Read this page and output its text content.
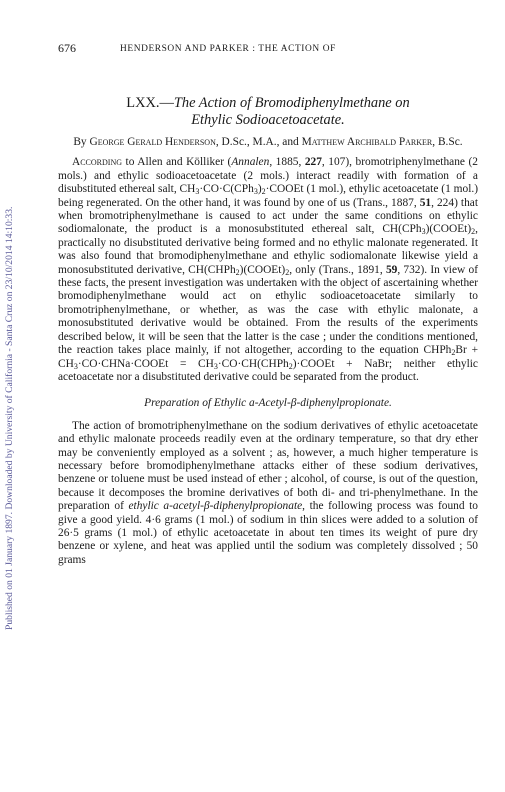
Published on 01 January 1897. Downloaded by University of California - Santa Cruz on 23/10/2014 14:10:33.
676	HENDERSON AND PARKER : THE ACTION OF
LXX.—The Action of Bromodiphenylmethane on
Ethylic Sodioacetoacetate.
By George Gerald Henderson, D.Sc., M.A., and Matthew Archibald Parker, B.Sc.

According to Allen and Kölliker (Annalen, 1885, 227, 107), bromotriphenylmethane (2 mols.) and ethylic sodioacetoacetate (2 mols.) interact readily with formation of a disubstituted ethereal salt, $CH_3\cdot CO\cdot C(CPh_3)_2\cdot COOEt$ (1 mol.), ethylic acetoacetate (1 mol.) being regenerated. On the other hand, it was found by one of us (Trans., 1887, 51, 224) that when bromotriphenylmethane is caused to act under the same conditions on ethylic sodiomalonate, the product is a monosubstituted ethereal salt, $CH(CPh_3)(COOEt)_2$, practically no disubstituted derivative being formed and no ethylic malonate regenerated. It was also found that bromodiphenylmethane and ethylic sodiomalonate likewise yield a monosubstituted derivative, $CH(CHPh_2)(COOEt)_2$, only (Trans., 1891, 59, 732). In view of these facts, the present investigation was undertaken with the object of ascertaining whether bromodiphenylmethane would act on ethylic sodioacetoacetate similarly to bromotriphenylmethane, or whether, as was the case with ethylic malonate, a monosubstituted derivative would be obtained. From the results of the experiments described below, it will be seen that the latter is the case ; under the conditions mentioned, the reaction takes place mainly, if not altogether, according to the equation CHPh$_2$Br + $CH_3\cdot CO\cdot CHNa\cdot COOEt$ = $CH_3\cdot CO\cdot CH(CHPh_2)\cdot COOEt$ + NaBr; neither ethylic acetoacetate nor a disubstituted derivative could be separated from the product.

Preparation of Ethylic a-Acetyl-β-diphenylpropionate.

The action of bromotriphenylmethane on the sodium derivatives of ethylic acetoacetate and ethylic malonate proceeds readily even at the ordinary temperature, so that dry ether may be conveniently employed as a solvent ; as, however, a much higher temperature is necessary before bromodiphenylmethane attacks either of these sodium derivatives, benzene or toluene must be used instead of ether ; alcohol, of course, is out of the question, because it decomposes the bromine derivatives of both di- and tri-phenylmethane. In the preparation of ethylic a-acetyl-β-diphenylpropionate, the following process was found to give a good yield. 4·6 grams (1 mol.) of sodium in thin slices were added to a solution of 26·5 grams (1 mol.) of ethylic acetoacetate in about ten times its weight of pure dry benzene or xylene, and heat was applied until the sodium was completely dissolved ; 50 grams
